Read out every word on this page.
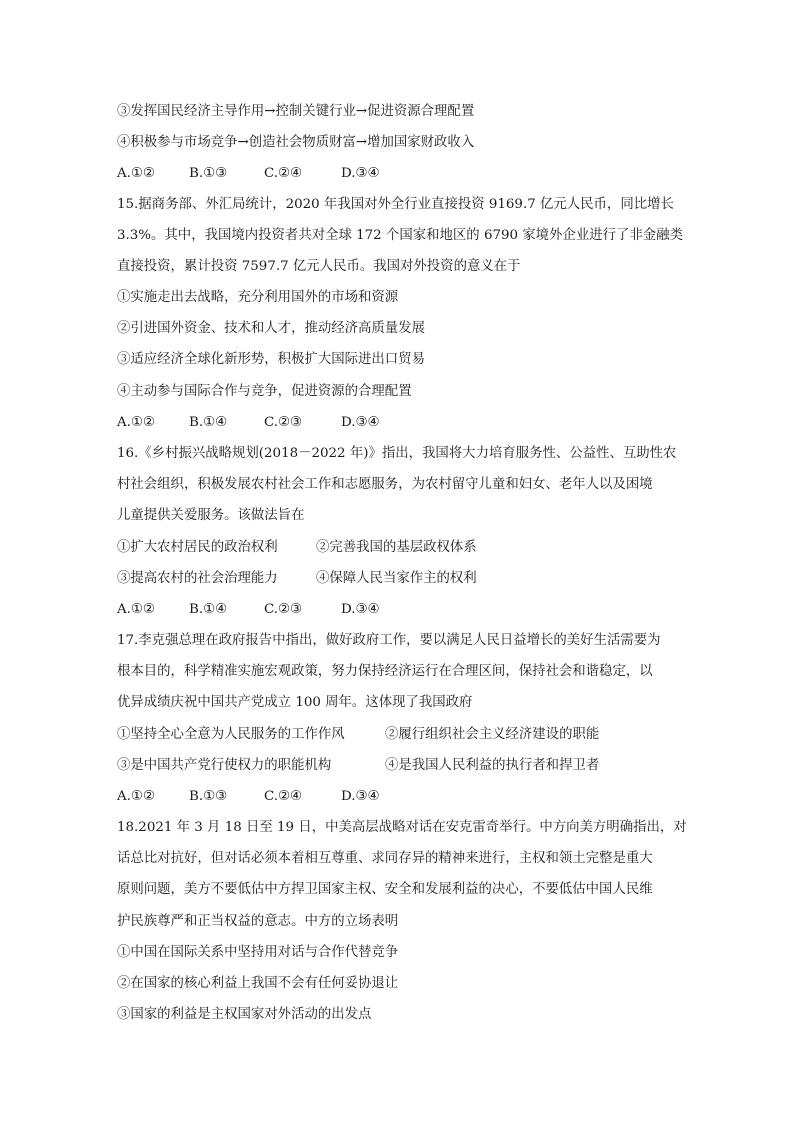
③发挥国民经济主导作用→控制关键行业→促进资源合理配置
④积极参与市场竞争→创造社会物质财富→增加国家财政收入
A.①②	B.①③	C.②④	D.③④
15.据商务部、外汇局统计，2020 年我国对外全行业直接投资 9169.7 亿元人民币，同比增长
3.3%。其中，我国境内投资者共对全球 172 个国家和地区的 6790 家境外企业进行了非金融类
直接投资，累计投资 7597.7 亿元人民币。我国对外投资的意义在于
①实施走出去战略，充分利用国外的市场和资源
②引进国外资金、技术和人才，推动经济高质量发展
③适应经济全球化新形势，积极扩大国际进出口贸易
④主动参与国际合作与竞争，促进资源的合理配置
A.①②	B.①④	C.②③	D.③④
16.《乡村振兴战略规划(2018－2022 年)》指出，我国将大力培育服务性、公益性、互助性农
村社会组织，积极发展农村社会工作和志愿服务，为农村留守儿童和妇女、老年人以及困境
儿童提供关爱服务。该做法旨在
①扩大农村居民的政治权利	②完善我国的基层政权体系
③提高农村的社会治理能力	④保障人民当家作主的权利
A.①②	B.①④	C.②③	D.③④
17.李克强总理在政府报告中指出，做好政府工作，要以满足人民日益增长的美好生活需要为
根本目的，科学精准实施宏观政策，努力保持经济运行在合理区间，保持社会和谐稳定，以
优异成绩庆祝中国共产党成立 100 周年。这体现了我国政府
①坚持全心全意为人民服务的工作作风	②履行组织社会主义经济建设的职能
③是中国共产党行使权力的职能机构	④是我国人民利益的执行者和捍卫者
A.①②	B.①③	C.②④	D.③④
18.2021 年 3 月 18 日至 19 日，中美高层战略对话在安克雷奇举行。中方向美方明确指出，对
话总比对抗好，但对话必须本着相互尊重、求同存异的精神来进行，主权和领土完整是重大
原则问题，美方不要低估中方捍卫国家主权、安全和发展利益的决心，不要低估中国人民维
护民族尊严和正当权益的意志。中方的立场表明
①中国在国际关系中坚持用对话与合作代替竞争
②在国家的核心利益上我国不会有任何妥协退让
③国家的利益是主权国家对外活动的出发点
